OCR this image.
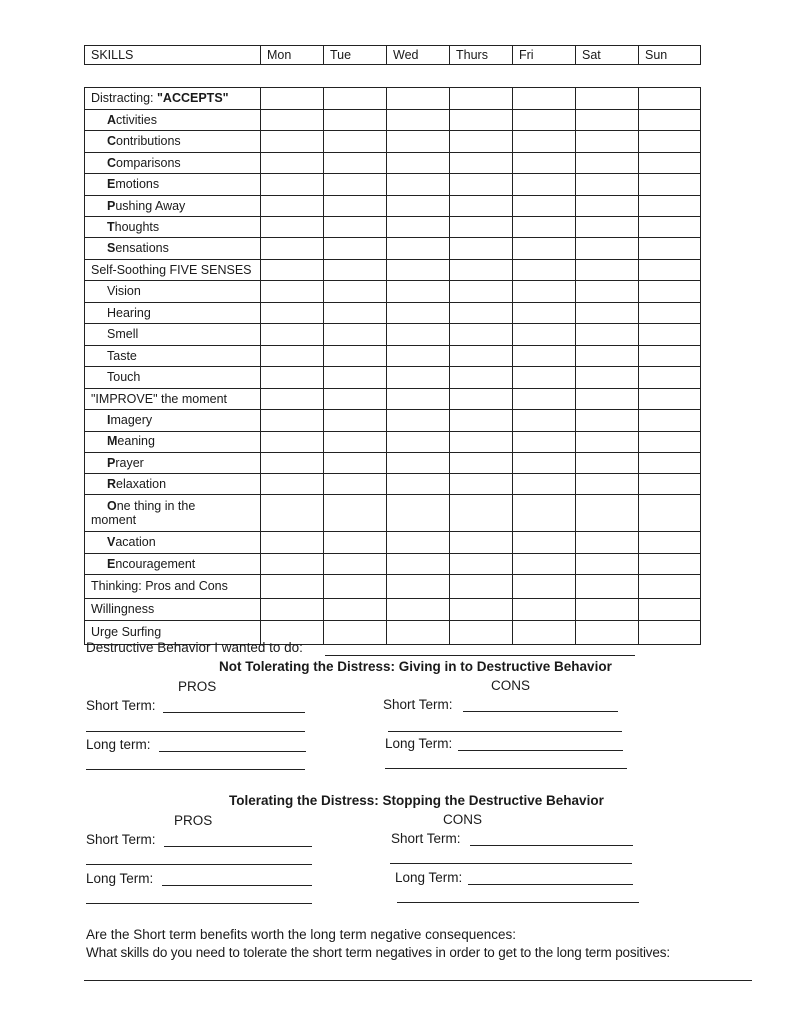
SKILLS	Mon	Tue	Wed	Thurs	Fri	Sat	Sun
Distracting: "ACCEPTS"							
Activities							
Contributions							
Comparisons							
Emotions							
Pushing Away							
Thoughts							
Sensations							
Self-Soothing FIVE SENSES							
Vision							
Hearing							
Smell							
Taste							
Touch							
"IMPROVE" the moment							
Imagery							
Meaning							
Prayer							
Relaxation							

One thing in the
moment							

Vacation							
Encouragement							
Thinking: Pros and Cons							
Willingness							
Urge Surfing							
Destructive Behavior I wanted to do:
Not Tolerating the Distress: Giving in to Destructive Behavior
PROS	CONS
Short Term:	Short Term:
Long term:	Long Term:
Tolerating the Distress: Stopping the Destructive Behavior
PROS	CONS
Short Term:	Short Term:
Long Term:	Long Term:
Are the Short term benefits worth the long term negative consequences:
What skills do you need to tolerate the short term negatives in order to get to the long term positives:
